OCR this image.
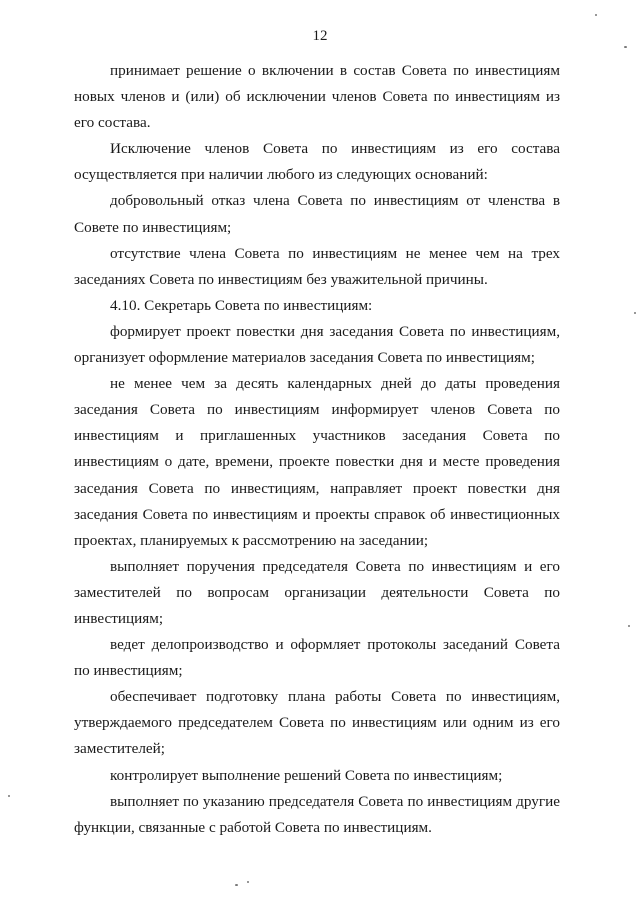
12

принимает решение о включении в состав Совета по инвестициям новых членов и (или) об исключении членов Совета по инвестициям из его состава.

Исключение членов Совета по инвестициям из его состава осуществляется при наличии любого из следующих оснований:

добровольный отказ члена Совета по инвестициям от членства в Совете по инвестициям;

отсутствие члена Совета по инвестициям не менее чем на трех заседаниях Совета по инвестициям без уважительной причины.

4.10. Секретарь Совета по инвестициям:

формирует проект повестки дня заседания Совета по инвестициям, организует оформление материалов заседания Совета по инвестициям;

не менее чем за десять календарных дней до даты проведения заседания Совета по инвестициям информирует членов Совета по инвестициям и приглашенных участников заседания Совета по инвестициям о дате, времени, проекте повестки дня и месте проведения заседания Совета по инвестициям, направляет проект повестки дня заседания Совета по инвестициям и проекты справок об инвестиционных проектах, планируемых к рассмотрению на заседании;

выполняет поручения председателя Совета по инвестициям и его заместителей по вопросам организации деятельности Совета по инвестициям;

ведет делопроизводство и оформляет протоколы заседаний Совета по инвестициям;

обеспечивает подготовку плана работы Совета по инвестициям, утверждаемого председателем Совета по инвестициям или одним из его заместителей;

контролирует выполнение решений Совета по инвестициям;

выполняет по указанию председателя Совета по инвестициям другие функции, связанные с работой Совета по инвестициям.
